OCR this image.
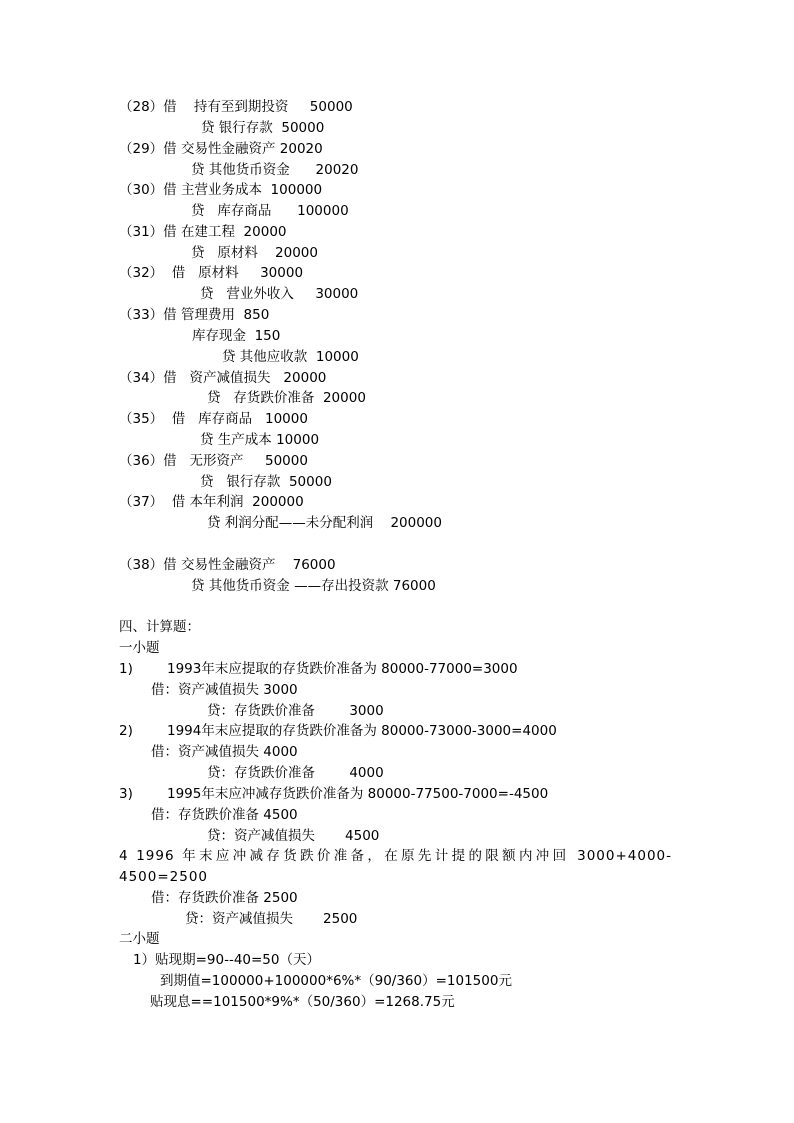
（28）借    持有至到期投资     50000
贷 银行存款  50000
（29）借 交易性金融资产 20020
贷 其他货币资金      20020
（30）借 主营业务成本  100000
贷   库存商品      100000
（31）借 在建工程  20000
贷   原材料    20000
（32）  借   原材料     30000
贷   营业外收入     30000
（33）借 管理费用  850
库存现金  150
贷 其他应收款  10000
（34）借   资产减值损失   20000
贷   存货跌价准备  20000
（35）  借   库存商品   10000
贷 生产成本 10000
（36）借   无形资产     50000
贷   银行存款  50000
（37）  借 本年利润  200000
贷 利润分配——未分配利润    200000
（38）借 交易性金融资产    76000
贷 其他货币资金 ——存出投资款 76000
四、计算题：
一小题
1)	1993年末应提取的存货跌价准备为 80000-77000=3000
借：资产减值损失 3000
贷：存货跌价准备        3000
2)	1994年末应提取的存货跌价准备为 80000-73000-3000=4000
借：资产减值损失 4000
贷：存货跌价准备        4000
3)	1995年末应冲减存货跌价准备为 80000-77500-7000=-4500
借：存货跌价准备 4500
贷：资产减值损失       4500
4 1996 年末应冲减存货跌价准备，在原先计提的限额内冲回 3000+4000-4500=2500
借：存货跌价准备 2500
贷：资产减值损失       2500
二小题
1）贴现期=90--40=50（天）
到期值=100000+100000*6%*（90/360）=101500元
贴现息==101500*9%*（50/360）=1268.75元
